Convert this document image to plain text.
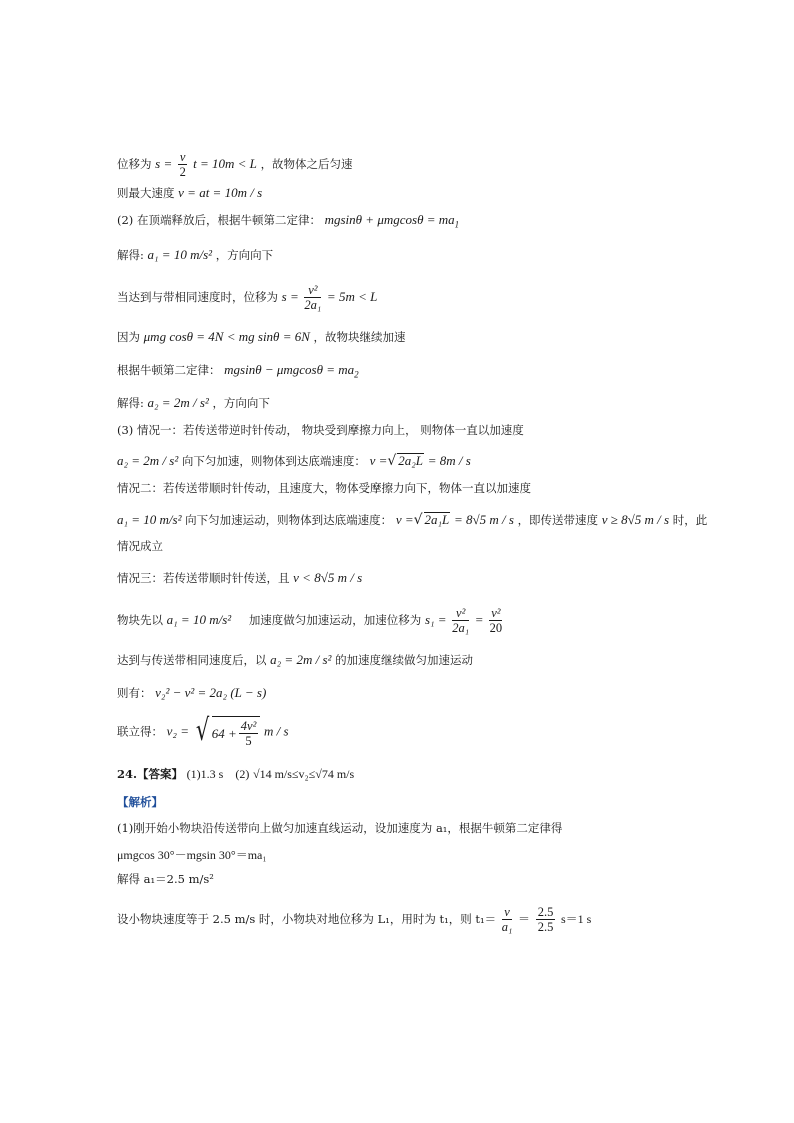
位移为 $s = \frac{v}{2}$ t = 10m < L ，故物体之后匀速
则最大速度 v = at = 10m / s
(2) 在顶端释放后，根据牛顿第二定律： $mgsin\theta + \mu mgcos\theta = ma_1$
解得: a₁ = 10 m/s² ，方向向下
当达到与带相同速度时，位移为 $s = \frac{\text{v²}}{\text{2a₁}} = 5m < L$
因为 μmg cosθ = 4N < mg sinθ = 6N ，故物块继续加速
根据牛顿第二定律： $mgsin\theta - \mu mgcos\theta = ma_2$
解得: a₂ = 2m / s² ，方向向下
(3) 情况一：若传送带逆时针传动， 物块受到摩擦力向上， 则物体一直以加速度
a₂ = 2m / s² 向下匀加速，则物体到达底端速度： v =√ 2a₂L = 8m / s
情况二：若传送带顺时针传动，且速度大，物体受摩擦力向下，物体一直以加速度
a₁ = 10 m/s² 向下匀加速运动，则物体到达底端速度： v =√ 2a₁L = 8√5 m / s ，即传送带速度 v ≥ 8√5 m / s 时，此
情况成立
情况三：若传送带顺时针传送，且 v < 8√5 m / s
物块先以 a₁ = 10 m/s² 加速度做匀加速运动，加速位移为 $s_1 = \frac{\text{v²}}{\text{2a₁}} = \frac{\text{v²}}{20}$
达到与传送带相同速度后，以 a₂ = 2m / s² 的加速度继续做匀加速运动
则有： v₂² − v² = 2a₂ (L − s)
联立得： v₂ = √ $64 + \frac{\text{4v²}}{5}$ m / s
24.【答案】 (1)1.3 s　(2) √14 m/s≤v₂≤√74 m/s
【解析】
(1)刚开始小物块沿传送带向上做匀加速直线运动，设加速度为 a₁，根据牛顿第二定律得
μmgcos 30°－mgsin 30°＝ma₁
解得 a₁＝2.5 m/s²
设小物块速度等于 2.5 m/s 时，小物块对地位移为 L₁，用时为 t₁，则 $t_1= \frac{v}{\text{a₁}} = \frac{2.5}{2.5} s=1$ s
